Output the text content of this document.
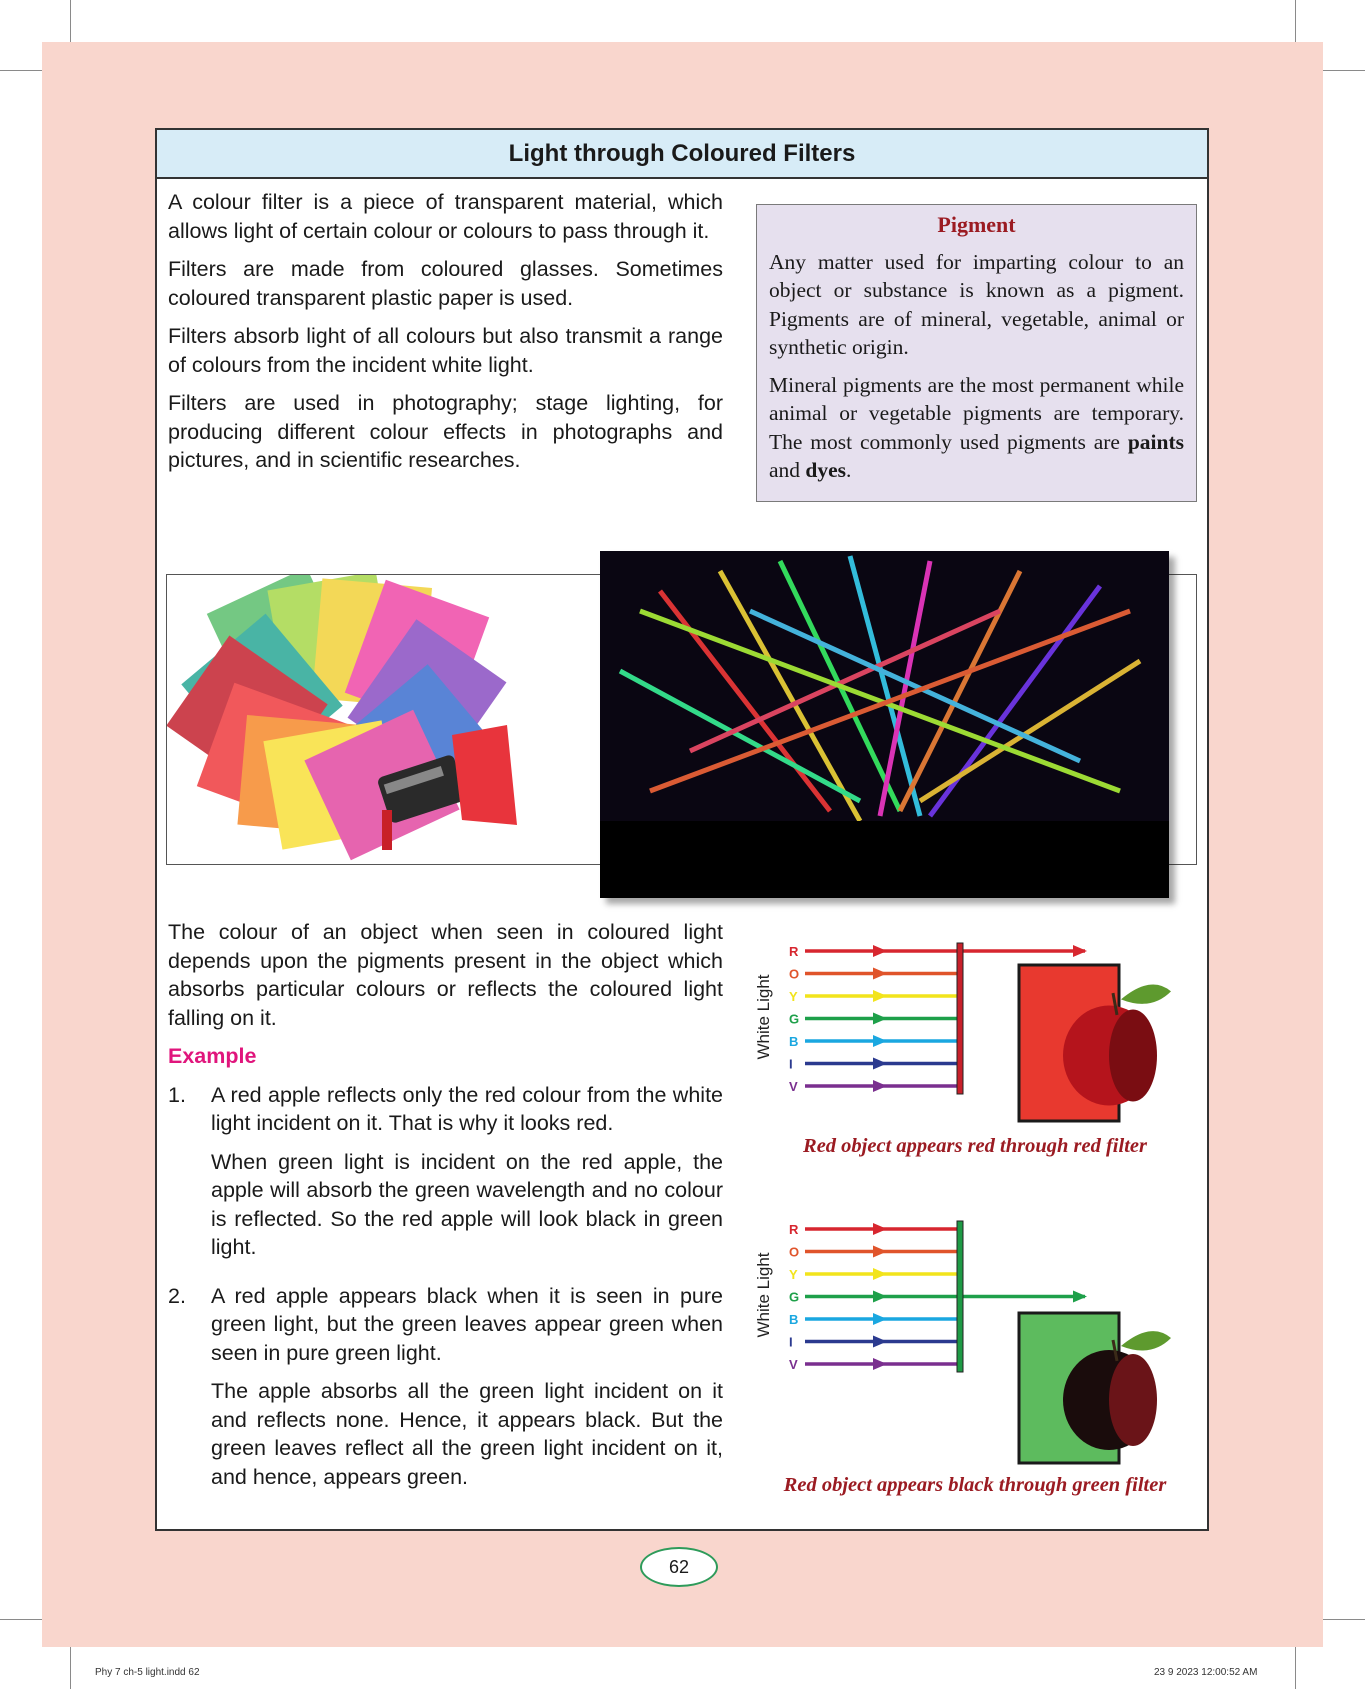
Light through Coloured Filters

A colour filter is a piece of transparent material, which allows light of certain colour or colours to pass through it.

Filters are made from coloured glasses. Sometimes coloured transparent plastic paper is used.

Filters absorb light of all colours but also transmit a range of colours from the incident white light.

Filters are used in photography; stage lighting, for producing different colour effects in photographs and pictures, and in scientific researches.

Pigment

Any matter used for imparting colour to an object or substance is known as a pigment. Pigments are of mineral, vegetable, animal or synthetic origin.

Mineral pigments are the most permanent while animal or vegetable pigments are temporary. The most commonly used pigments are paints and dyes.

The colour of an object when seen in coloured light depends upon the pigments present in the object which absorbs particular colours or reflects the coloured light falling on it.

Example
1.	A red apple reflects only the red colour from the white light incident on it. That is why it looks red.

When green light is incident on the red apple, the apple will absorb the green wavelength and no colour is reflected. So the red apple will look black in green light.

2.	A red apple appears black when it is seen in pure green light, but the green leaves appear green when seen in pure green light.

The apple absorbs all the green light incident on it and reflects none. Hence, it appears black. But the green leaves reflect all the green light incident on it, and hence, appears green.

White Light
R
O
Y
G
B
I
V
Red object appears red through red filter
White Light
R
O
Y
G
B
I
V
Red object appears black through green filter
62
Phy 7 ch-5 light.indd 62	23 9 2023 12:00:52 AM
